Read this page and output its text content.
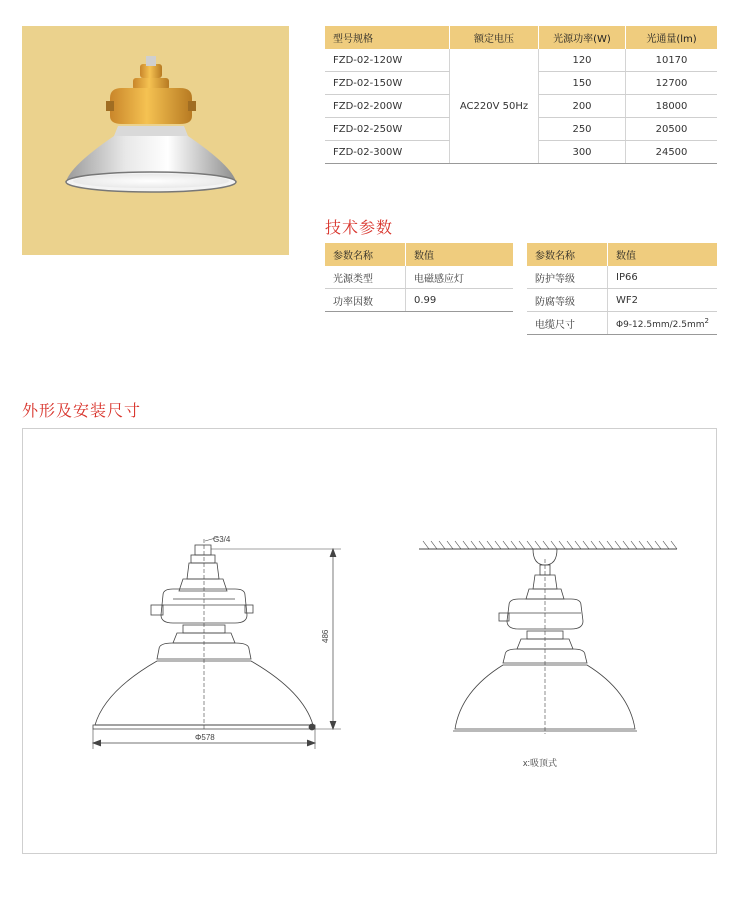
型号规格	额定电压	光源功率(W)	光通量(lm)
FZD-02-120W	AC220V 50Hz	120	10170
FZD-02-150W		150	12700
FZD-02-200W		200	18000
FZD-02-250W		250	20500
FZD-02-300W		300	24500
技术参数
参数名称	数值
光源类型	电磁感应灯
功率因数	0.99
参数名称	数值
防护等级	IP66
防腐等级	WF2
电缆尺寸	$\Phi 9-12.5mm/2.5mm^2$
外形及安装尺寸
G3/4
486
Φ578
x:吸顶式
